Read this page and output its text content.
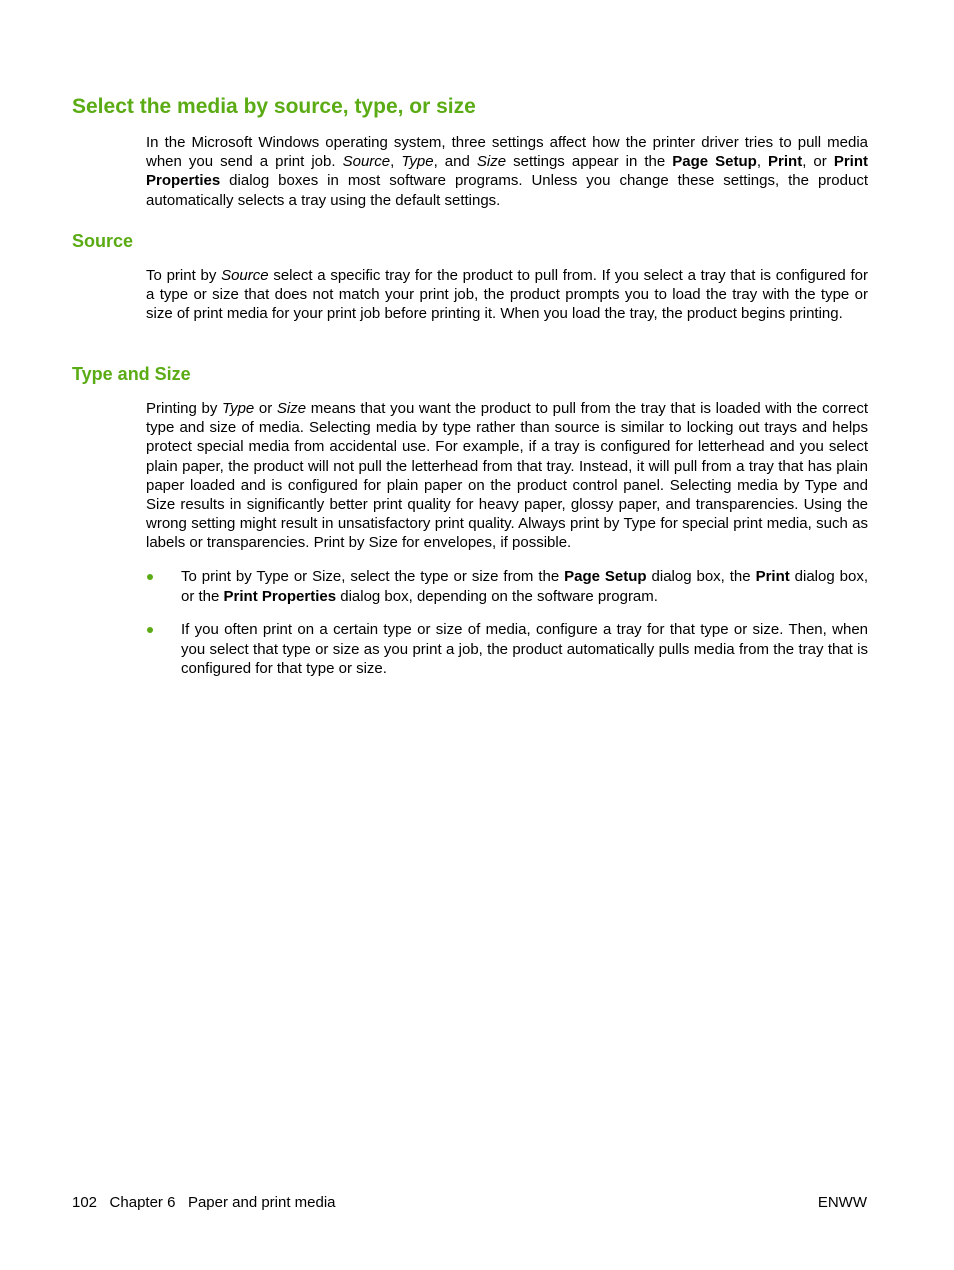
Select the media by source, type, or size

In the Microsoft Windows operating system, three settings affect how the printer driver tries to pull media when you send a print job. Source, Type, and Size settings appear in the Page Setup, Print, or Print Properties dialog boxes in most software programs. Unless you change these settings, the product automatically selects a tray using the default settings.

Source

To print by Source select a specific tray for the product to pull from. If you select a tray that is configured for a type or size that does not match your print job, the product prompts you to load the tray with the type or size of print media for your print job before printing it. When you load the tray, the product begins printing.

Type and Size

Printing by Type or Size means that you want the product to pull from the tray that is loaded with the correct type and size of media. Selecting media by type rather than source is similar to locking out trays and helps protect special media from accidental use. For example, if a tray is configured for letterhead and you select plain paper, the product will not pull the letterhead from that tray. Instead, it will pull from a tray that has plain paper loaded and is configured for plain paper on the product control panel. Selecting media by Type and Size results in significantly better print quality for heavy paper, glossy paper, and transparencies. Using the wrong setting might result in unsatisfactory print quality. Always print by Type for special print media, such as labels or transparencies. Print by Size for envelopes, if possible.

To print by Type or Size, select the type or size from the Page Setup dialog box, the Print dialog box, or the Print Properties dialog box, depending on the software program.
If you often print on a certain type or size of media, configure a tray for that type or size. Then, when you select that type or size as you print a job, the product automatically pulls media from the tray that is configured for that type or size.
102 Chapter 6 Paper and print media	ENWW
